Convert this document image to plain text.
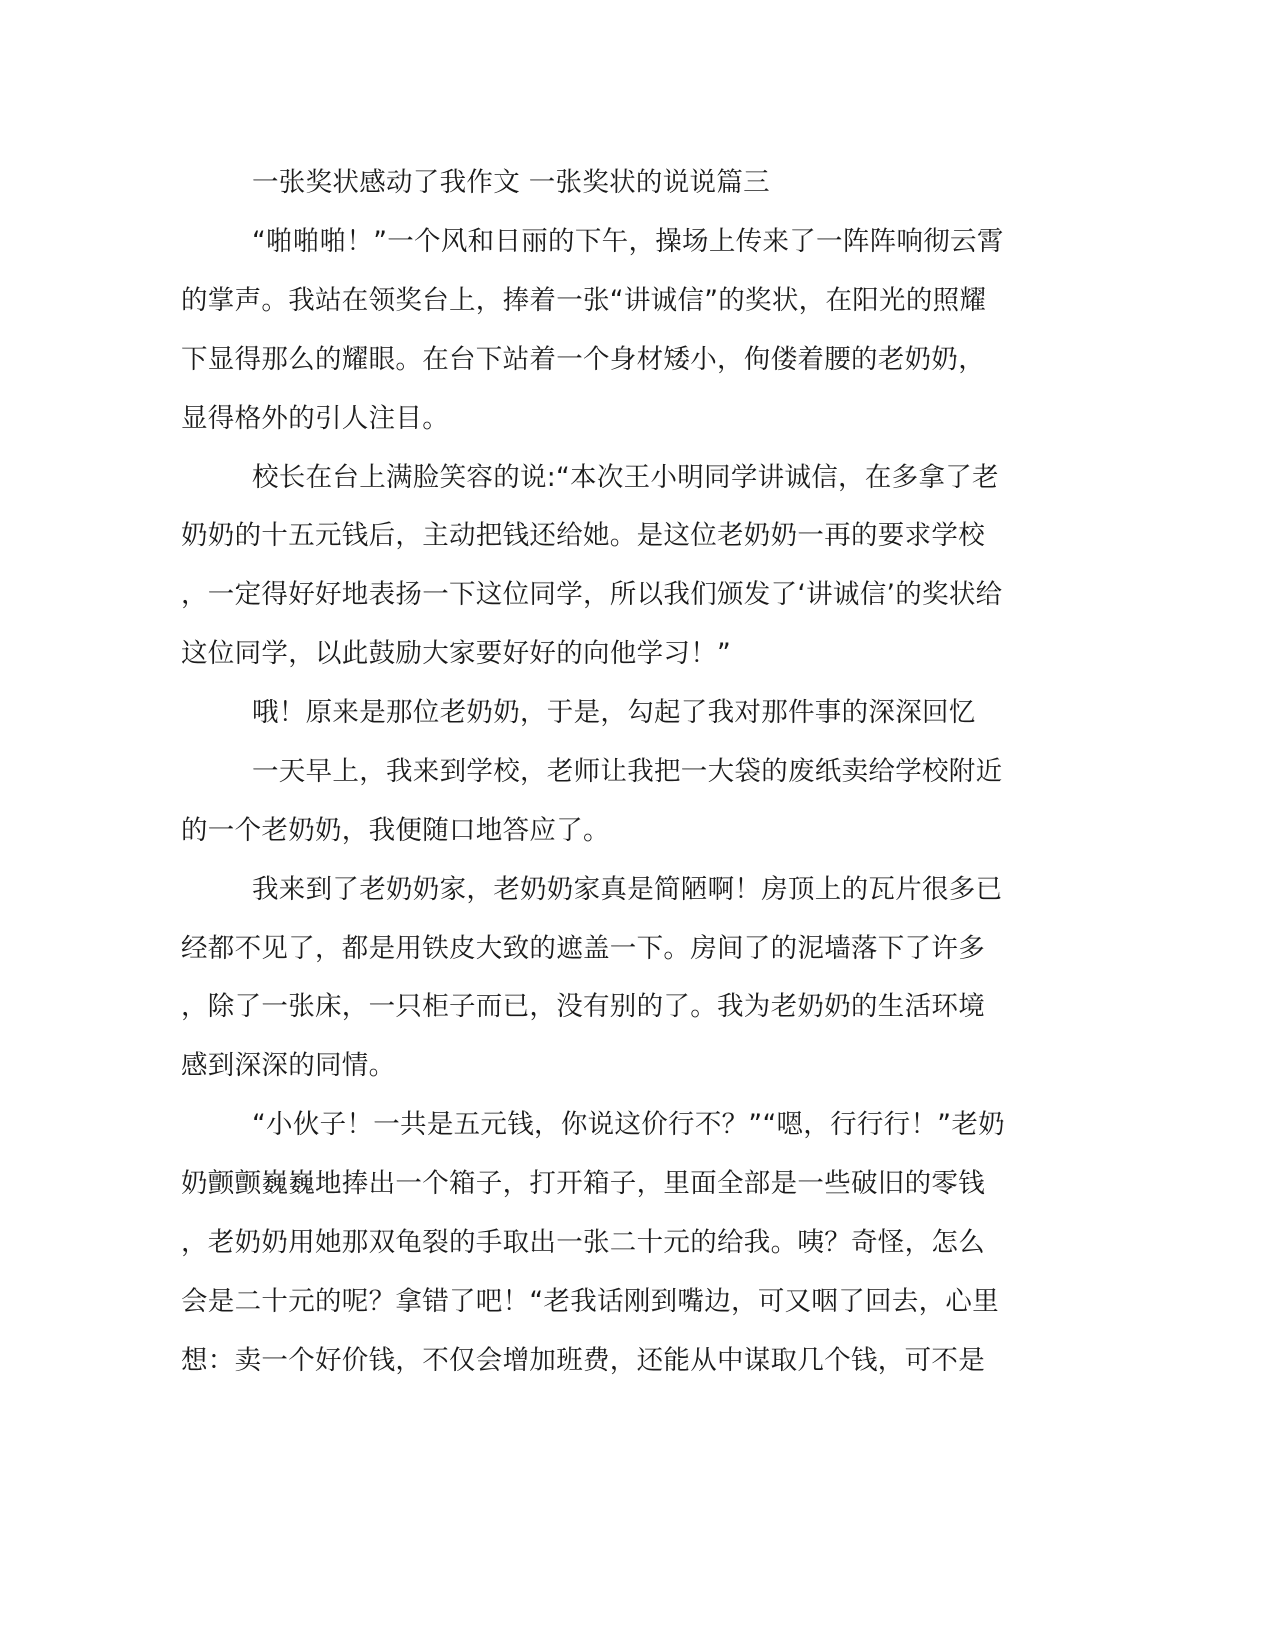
一张奖状感动了我作文 一张奖状的说说篇三
“啪啪啪！”一个风和日丽的下午，操场上传来了一阵阵响彻云霄
的掌声。我站在领奖台上，捧着一张“讲诚信”的奖状，在阳光的照耀
下显得那么的耀眼。在台下站着一个身材矮小，佝偻着腰的老奶奶，
显得格外的引人注目。
校长在台上满脸笑容的说:“本次王小明同学讲诚信，在多拿了老
奶奶的十五元钱后，主动把钱还给她。是这位老奶奶一再的要求学校
，一定得好好地表扬一下这位同学，所以我们颁发了‘讲诚信’的奖状给
这位同学，以此鼓励大家要好好的向他学习！”
哦！原来是那位老奶奶，于是，勾起了我对那件事的深深回忆
一天早上，我来到学校，老师让我把一大袋的废纸卖给学校附近
的一个老奶奶，我便随口地答应了。
我来到了老奶奶家，老奶奶家真是简陋啊！房顶上的瓦片很多已
经都不见了，都是用铁皮大致的遮盖一下。房间了的泥墙落下了许多
，除了一张床，一只柜子而已，没有别的了。我为老奶奶的生活环境
感到深深的同情。
“小伙子！一共是五元钱，你说这价行不？”“嗯，行行行！”老奶
奶颤颤巍巍地捧出一个箱子，打开箱子，里面全部是一些破旧的零钱
，老奶奶用她那双龟裂的手取出一张二十元的给我。咦？奇怪，怎么
会是二十元的呢？拿错了吧！“老我话刚到嘴边，可又咽了回去，心里
想：卖一个好价钱，不仅会增加班费，还能从中谋取几个钱，可不是
